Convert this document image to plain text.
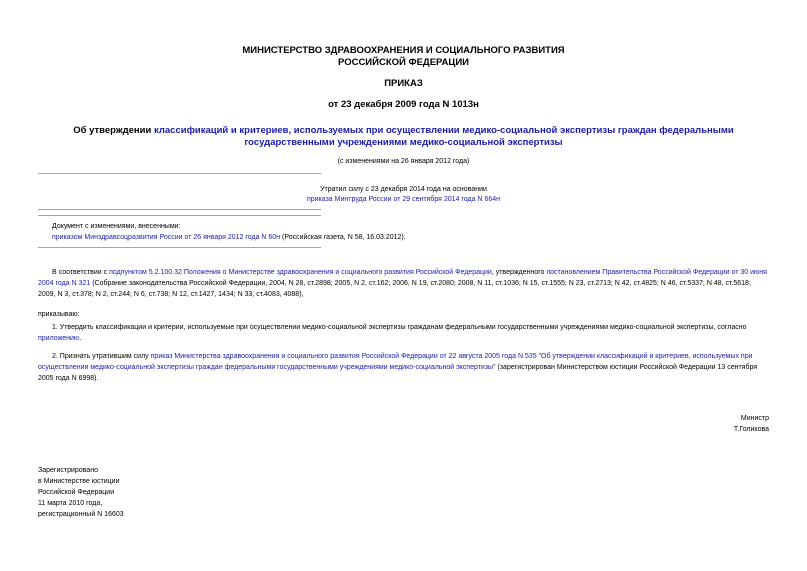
МИНИСТЕРСТВО ЗДРАВООХРАНЕНИЯ И СОЦИАЛЬНОГО РАЗВИТИЯ
РОССИЙСКОЙ ФЕДЕРАЦИИ
ПРИКАЗ
от 23 декабря 2009 года N 1013н
Об утверждении классификаций и критериев, используемых при осуществлении медико-социальной экспертизы граждан федеральными государственными учреждениями медико-социальной экспертизы
(с изменениями на 26 января 2012 года)
Утратил силу с 23 декабря 2014 года на основании
приказа Минтруда России от 29 сентября 2014 года N 664н
Документ с изменениями, внесенными:
приказом Минздравсоцразвития России от 26 января 2012 года N 60н (Российская газета, N 58, 16.03.2012).
В соответствии с подпунктом 5.2.100.32 Положения о Министерстве здравоохранения и социального развития Российской Федерации, утвержденного постановлением Правительства Российской Федерации от 30 июня 2004 года N 321 (Собрание законодательства Российской Федерации, 2004, N 28, ст.2898; 2005, N 2, ст.162; 2006, N 19, ст.2080; 2008, N 11, ст.1036; N 15, ст.1555; N 23, ст.2713; N 42, ст.4825; N 46, ст.5337; N 48, ст.5618; 2009, N 3, ст.378; N 2, ст.244; N 6, ст.738; N 12, ст.1427, 1434; N 33, ст.4083, 4088),
приказываю:
1. Утвердить классификации и критерии, используемые при осуществлении медико-социальной экспертизы гражданам федеральными государственными учреждениями медико-социальной экспертизы, согласно приложению.
2. Признать утратившим силу приказ Министерства здравоохранения и социального развития Российской Федерации от 22 августа 2005 года N 535 "Об утверждении классификаций и критериев, используемых при осуществлении медико-социальной экспертизы граждан федеральными государственными учреждениями медико-социальной экспертизы" (зарегистрирован Министерством юстиции Российской Федерации 13 сентября 2005 года N 6998).
Министр
Т.Голикова
Зарегистрировано
в Министерстве юстиции
Российской Федерации
11 марта 2010 года,
регистрационный N 16603
